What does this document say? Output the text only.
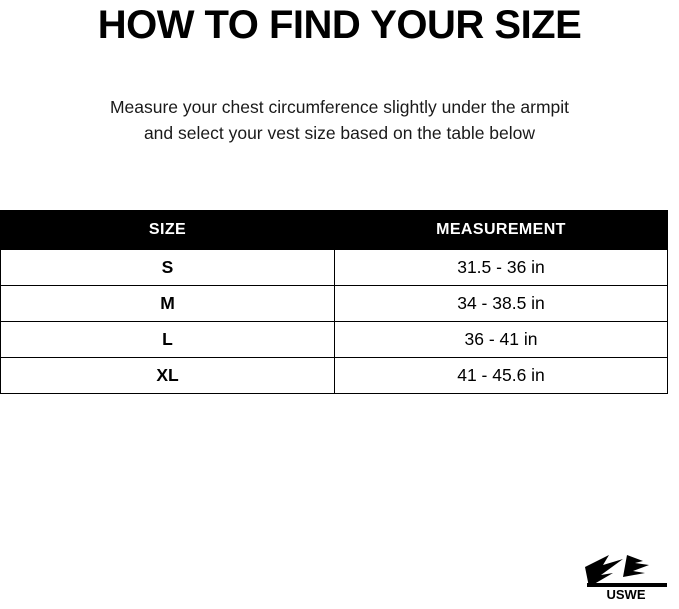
HOW TO FIND YOUR SIZE

Measure your chest circumference slightly under the armpit
and select your vest size based on the table below

SIZE	MEASUREMENT
S	31.5 - 36 in
M	34 - 38.5 in
L	36 - 41 in
XL	41 - 45.6 in
USWE
